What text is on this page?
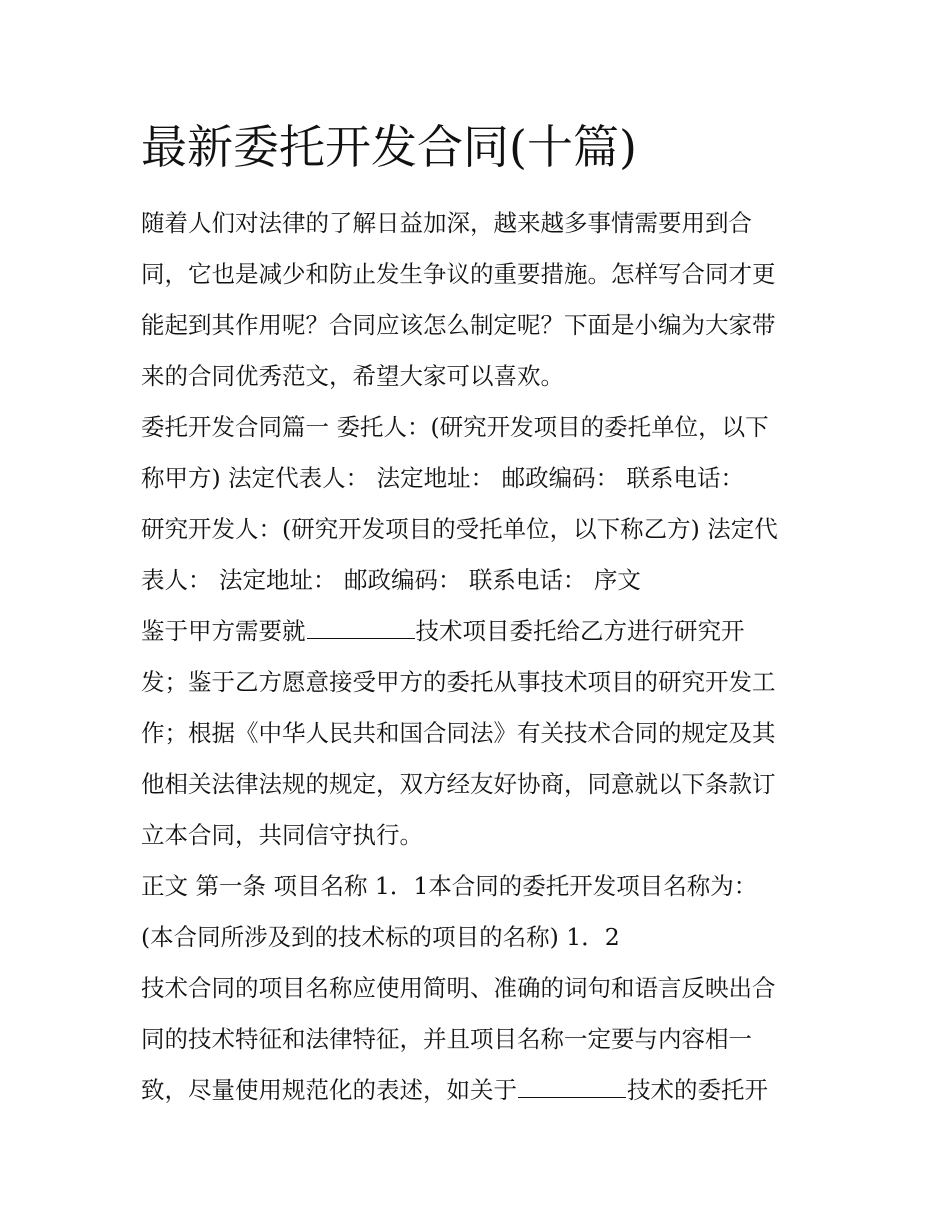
最新委托开发合同(十篇)

随着人们对法律的了解日益加深，越来越多事情需要用到合

同，它也是减少和防止发生争议的重要措施。怎样写合同才更

能起到其作用呢？合同应该怎么制定呢？下面是小编为大家带

来的合同优秀范文，希望大家可以喜欢。

委托开发合同篇一 委托人：(研究开发项目的委托单位，以下

称甲方) 法定代表人： 法定地址： 邮政编码： 联系电话：

研究开发人：(研究开发项目的受托单位，以下称乙方) 法定代

表人： 法定地址： 邮政编码： 联系电话： 序文

鉴于甲方需要就	技术项目委托给乙方进行研究开

发；鉴于乙方愿意接受甲方的委托从事技术项目的研究开发工

作；根据《中华人民共和国合同法》有关技术合同的规定及其

他相关法律法规的规定，双方经友好协商，同意就以下条款订

立本合同，共同信守执行。

正文 第一条 项目名称 1．1本合同的委托开发项目名称为：

(本合同所涉及到的技术标的项目的名称) 1．2

技术合同的项目名称应使用简明、准确的词句和语言反映出合

同的技术特征和法律特征，并且项目名称一定要与内容相一

致，尽量使用规范化的表述，如关于	技术的委托开
